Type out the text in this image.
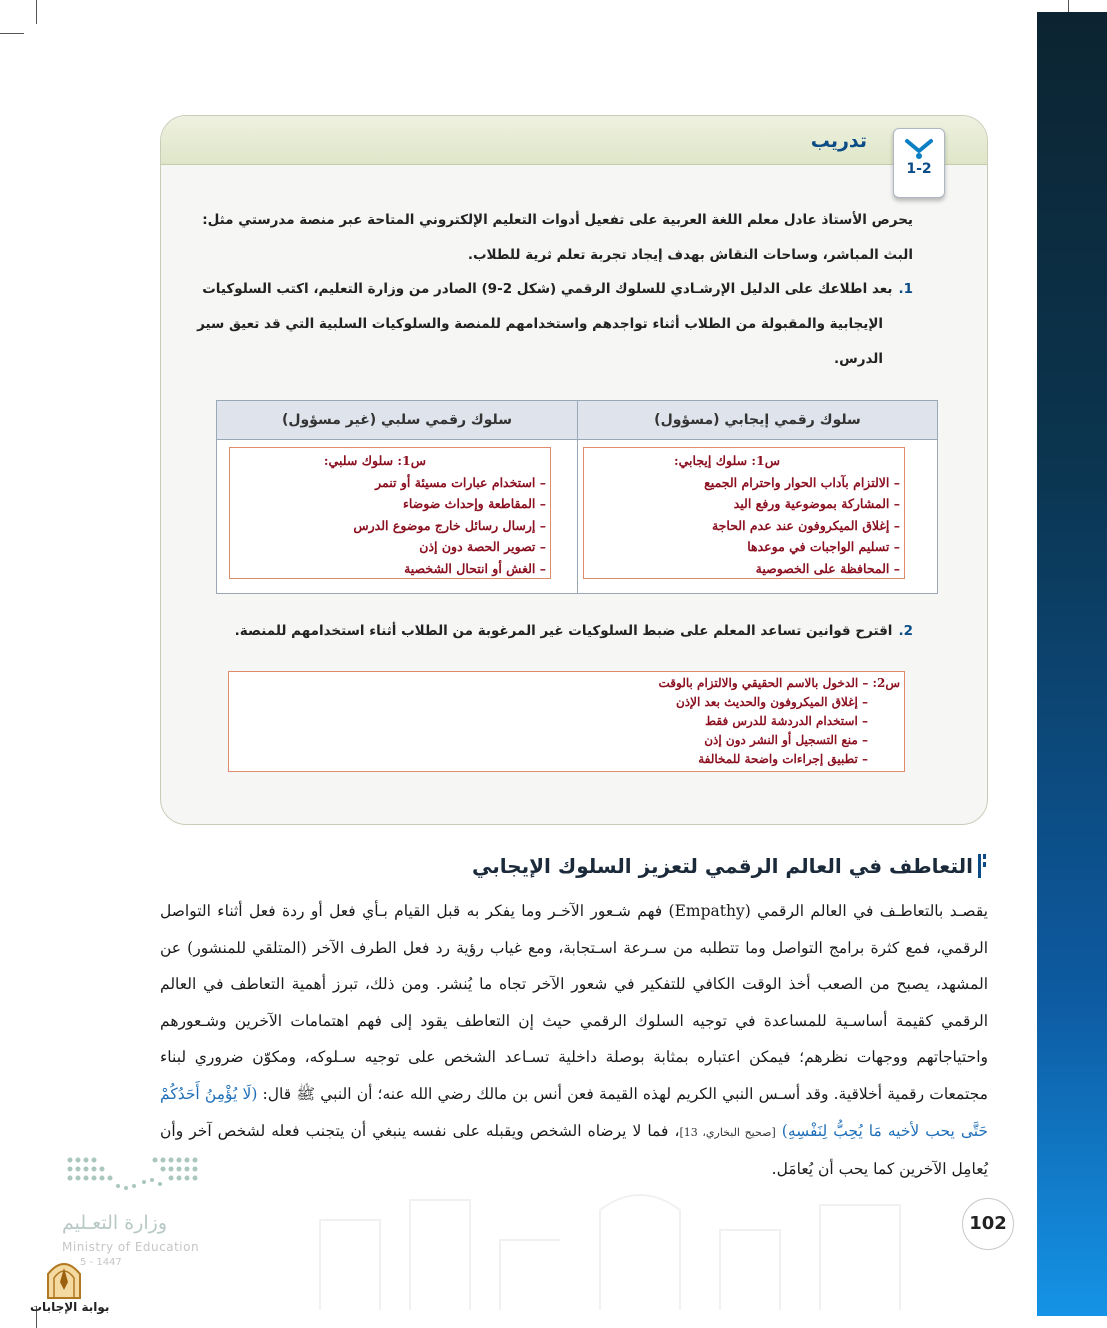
تدريب
1-2
يحرص الأستاذ عادل معلم اللغة العربية على تفعيل أدوات التعليم الإلكتروني المتاحة عبر منصة مدرستي مثل:
البث المباشر، وساحات النقاش بهدف إيجاد تجربة تعلم ثرية للطلاب.
1.بعد اطلاعك على الدليل الإرشـادي للسلوك الرقمي (شكل 2-9) الصادر من وزارة التعليم، اكتب السلوكيات
الإيجابية والمقبولة من الطلاب أثناء تواجدهم واستخدامهم للمنصة والسلوكيات السلبية التي قد تعيق سير
الدرس.
سلوك رقمي إيجابي (مسؤول)
سلوك رقمي سلبي (غير مسؤول)
س1: سلوك إيجابي:
– الالتزام بآداب الحوار واحترام الجميع
– المشاركة بموضوعية ورفع اليد
– إغلاق الميكروفون عند عدم الحاجة
– تسليم الواجبات في موعدها
– المحافظة على الخصوصية
س1: سلوك سلبي:
– استخدام عبارات مسيئة أو تنمر
– المقاطعة وإحداث ضوضاء
– إرسال رسائل خارج موضوع الدرس
– تصوير الحصة دون إذن
– الغش أو انتحال الشخصية
2.اقترح قوانين تساعد المعلم على ضبط السلوكيات غير المرغوبة من الطلاب أثناء استخدامهم للمنصة.
س2: – الدخول بالاسم الحقيقي والالتزام بالوقت
– إغلاق الميكروفون والحديث بعد الإذن
– استخدام الدردشة للدرس فقط
– منع التسجيل أو النشر دون إذن
– تطبيق إجراءات واضحة للمخالفة
التعاطف في العالم الرقمي لتعزيز السلوك الإيجابي

يقصـد بالتعاطـف في العالم الرقمي (Empathy) فهم شـعور الآخـر وما يفكر به قبل القيام بـأي فعل أو ردة فعل أثناء التواصل الرقمي، فمع كثرة برامج التواصل وما تتطلبه من سـرعة اسـتجابة، ومع غياب رؤية رد فعل الطرف الآخر (المتلقي للمنشور) عن المشهد، يصبح من الصعب أخذ الوقت الكافي للتفكير في شعور الآخر تجاه ما يُنشر. ومن ذلك، تبرز أهمية التعاطف في العالم الرقمي كقيمة أساسـية للمساعدة في توجيه السلوك الرقمي حيث إن التعاطف يقود إلى فهم اهتمامات الآخرين وشـعورهم واحتياجاتهم ووجهات نظرهم؛ فيمكن اعتباره بمثابة بوصلة داخلية تسـاعد الشخص على توجيه سـلوكه، ومكوّن ضروري لبناء مجتمعات رقمية أخلاقية. وقد أسـس النبي الكريم لهذه القيمة فعن أنس بن مالك رضي الله عنه؛ أن النبي ﷺ قال: (لَا يُؤْمِنُ أَحَدُكُمْ حَتَّى يحب لأخيه مَا يُحِبُّ لِنَفْسِهِ) [صحيح البخاري، 13]، فما لا يرضاه الشخص ويقبله على نفسه ينبغي أن يتجنب فعله لشخص آخر وأن يُعامِل الآخرين كما يحب أن يُعامَل.

وزارة التعـليم
Ministry of Education
5 - 1447
بوابة الإجابات
102
